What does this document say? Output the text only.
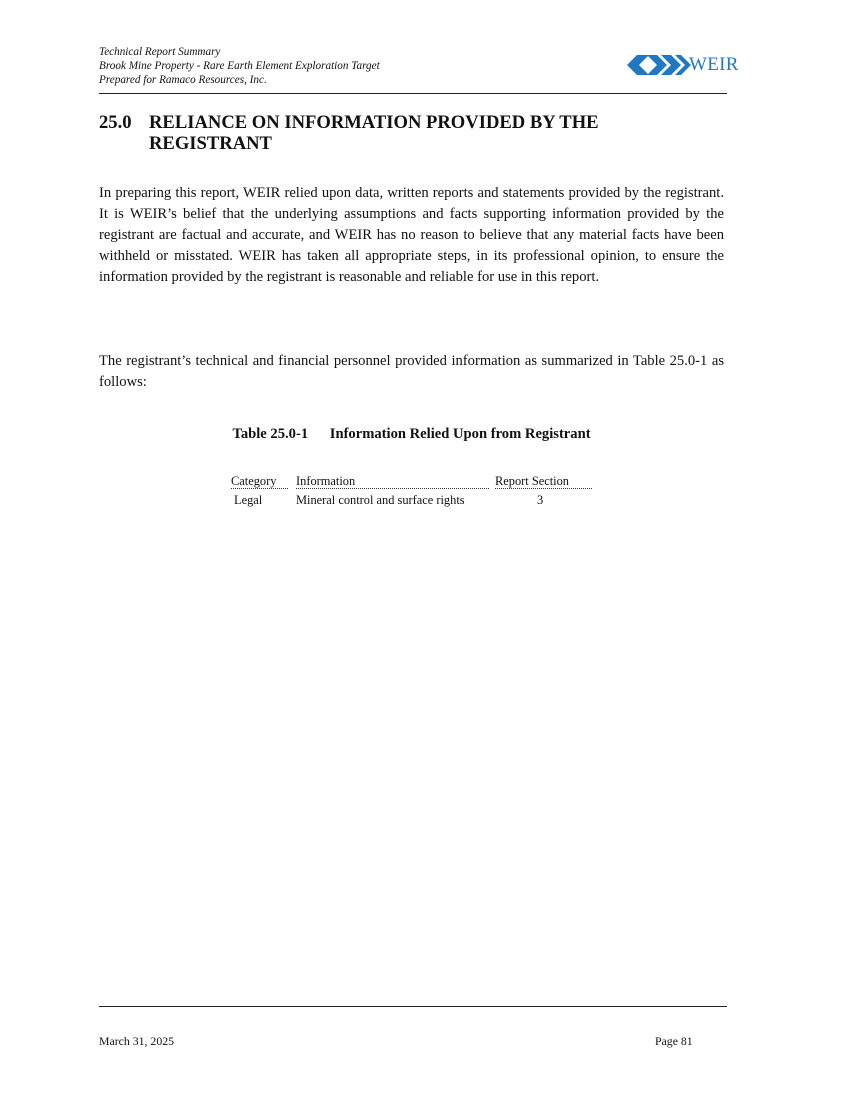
Technical Report Summary
Brook Mine Property - Rare Earth Element Exploration Target
Prepared for Ramaco Resources, Inc.
WEIR
25.0 RELIANCE ON INFORMATION PROVIDED BY THE REGISTRANT

In preparing this report, WEIR relied upon data, written reports and statements provided by the registrant. It is WEIR’s belief that the underlying assumptions and facts supporting information provided by the registrant are factual and accurate, and WEIR has no reason to believe that any material facts have been withheld or misstated. WEIR has taken all appropriate steps, in its professional opinion, to ensure the information provided by the registrant is reasonable and reliable for use in this report.

The registrant’s technical and financial personnel provided information as summarized in Table 25.0-1 as follows:

Table 25.0-1 Information Relied Upon from Registrant
Category	Information	Report Section
Legal	Mineral control and surface rights	3
March 31, 2025	Page 81
